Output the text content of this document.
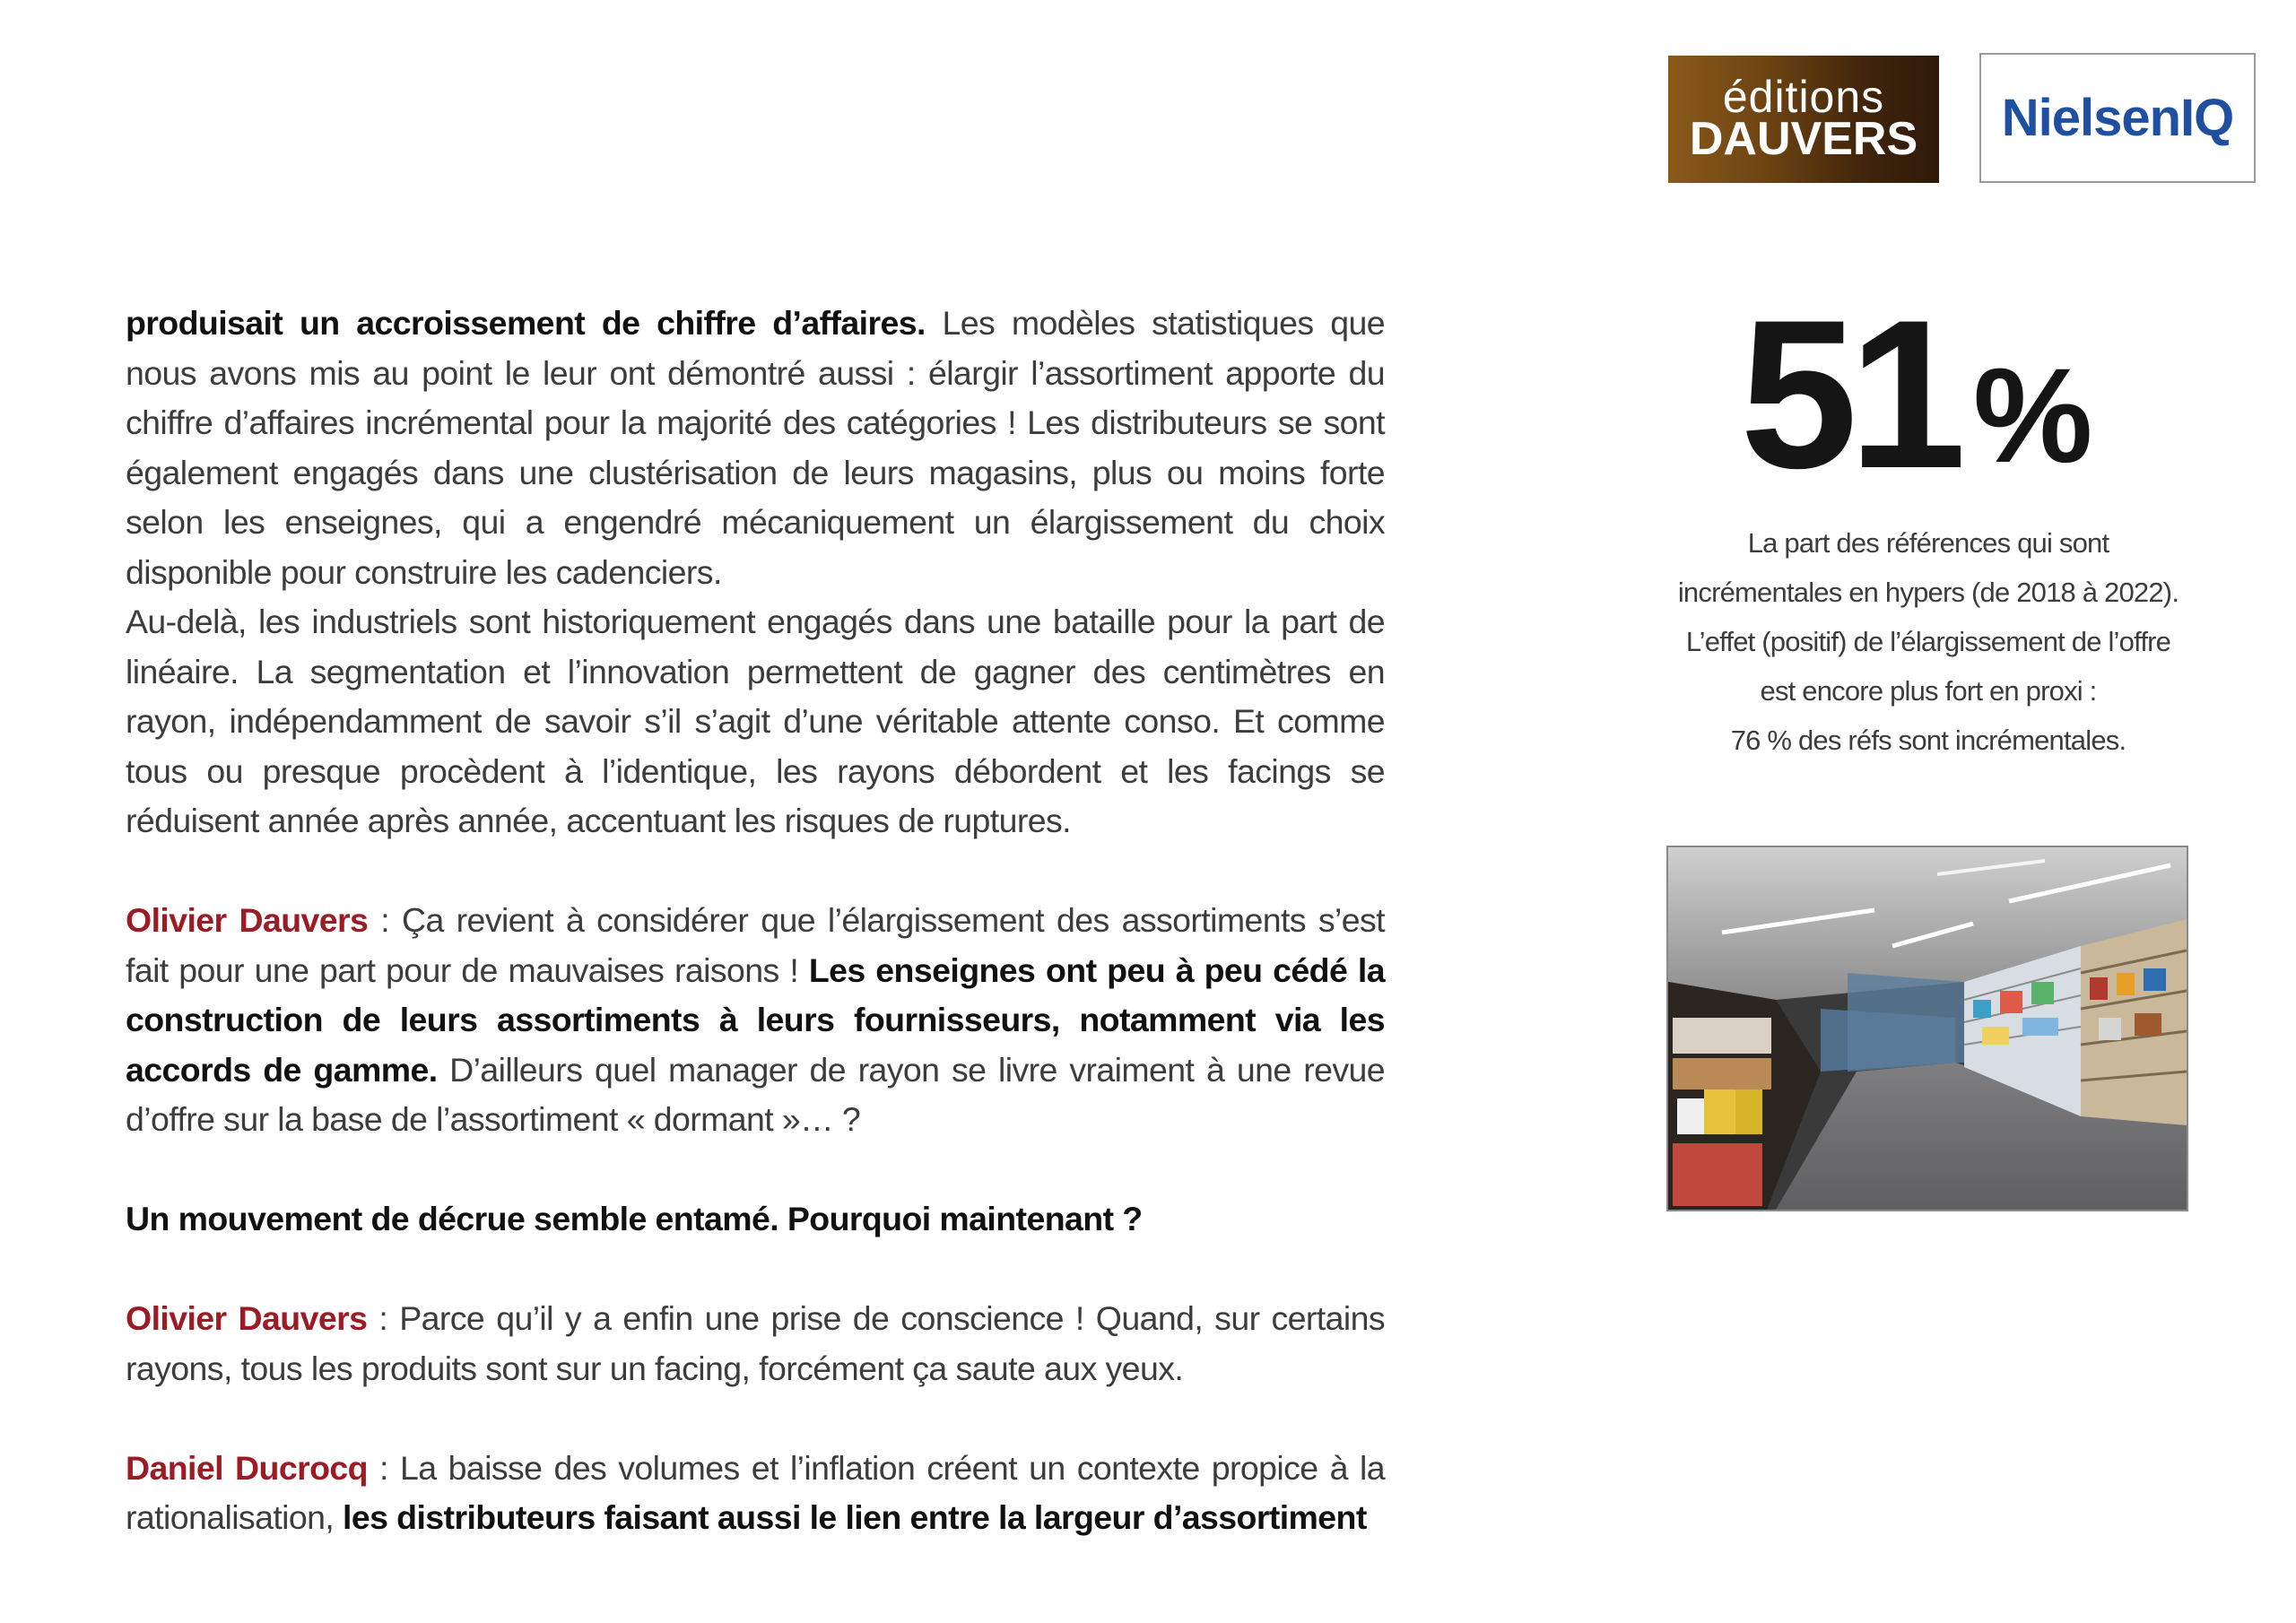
éditions
DAUVERS NielsenIQ

produisait un accroissement de chiffre d’affaires. Les modèles statistiques que nous avons mis au point le leur ont démontré aussi : élargir l’assortiment apporte du chiffre d’affaires incrémental pour la majorité des catégories ! Les distributeurs se sont également engagés dans une clustérisation de leurs magasins, plus ou moins forte selon les enseignes, qui a engendré mécaniquement un élargissement du choix disponible pour construire les cadenciers.

Au-delà, les industriels sont historiquement engagés dans une bataille pour la part de linéaire. La segmentation et l’innovation permettent de gagner des centimètres en rayon, indépendamment de savoir s’il s’agit d’une véritable attente conso. Et comme tous ou presque procèdent à l’identique, les rayons débordent et les facings se réduisent année après année, accentuant les risques de ruptures.

Olivier Dauvers : Ça revient à considérer que l’élargissement des assortiments s’est fait pour une part pour de mauvaises raisons ! Les enseignes ont peu à peu cédé la construction de leurs assortiments à leurs fournisseurs, notamment via les accords de gamme. D’ailleurs quel manager de rayon se livre vraiment à une revue d’offre sur la base de l’assortiment « dormant »… ?

Un mouvement de décrue semble entamé. Pourquoi maintenant ?

Olivier Dauvers : Parce qu’il y a enfin une prise de conscience ! Quand, sur certains rayons, tous les produits sont sur un facing, forcément ça saute aux yeux.

Daniel Ducrocq : La baisse des volumes et l’inflation créent un contexte propice à la rationalisation, les distributeurs faisant aussi le lien entre la largeur d’assortiment

51 %
La part des références qui sont
incrémentales en hypers (de 2018 à 2022).
L’effet (positif) de l’élargissement de l’offre
est encore plus fort en proxi :
76 % des réfs sont incrémentales.
